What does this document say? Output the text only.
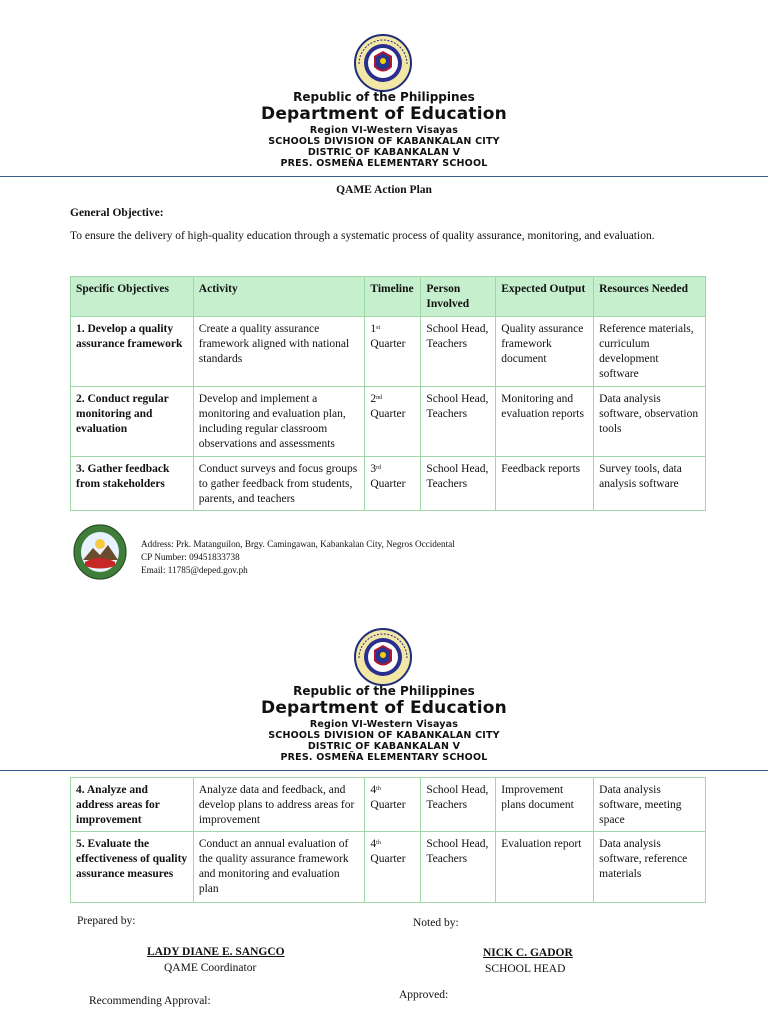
Republic of the Philippines
Department of Education
Region VI-Western Visayas
SCHOOLS DIVISION OF KABANKALAN CITY
DISTRIC OF KABANKALAN V
PRES. OSMEÑA ELEMENTARY SCHOOL
QAME Action Plan
General Objective:
To ensure the delivery of high-quality education through a systematic process of quality assurance, monitoring, and evaluation.
Specific Objectives	Activity	Timeline	Person Involved	Expected Output	Resources Needed
1. Develop a quality assurance framework	Create a quality assurance framework aligned with national standards	1st
Quarter	School Head, Teachers	Quality assurance framework document	Reference materials, curriculum development software
2. Conduct regular monitoring and evaluation	Develop and implement a monitoring and evaluation plan, including regular classroom observations and assessments	2nd
Quarter	School Head, Teachers	Monitoring and evaluation reports	Data analysis software, observation tools
3. Gather feedback from stakeholders	Conduct surveys and focus groups to gather feedback from students, parents, and teachers	3rd
Quarter	School Head, Teachers	Feedback reports	Survey tools, data analysis software
Address: Prk. Matanguilon, Brgy. Camingawan, Kabankalan City, Negros Occidental
CP Number: 09451833738
Email: 11785@deped.gov.ph
Republic of the Philippines
Department of Education
Region VI-Western Visayas
SCHOOLS DIVISION OF KABANKALAN CITY
DISTRIC OF KABANKALAN V
PRES. OSMEÑA ELEMENTARY SCHOOL
4. Analyze and address areas for improvement	Analyze data and feedback, and develop plans to address areas for improvement	4th
Quarter	School Head, Teachers	Improvement plans document	Data analysis software, meeting space
5. Evaluate the effectiveness of quality assurance measures	Conduct an annual evaluation of the quality assurance framework and monitoring and evaluation plan	4th
Quarter	School Head, Teachers	Evaluation report	Data analysis software, reference materials
Prepared by:	Noted by:
LADY DIANE E. SANGCO
QAME Coordinator
NICK C. GADOR
SCHOOL HEAD
Recommending Approval:	Approved:
